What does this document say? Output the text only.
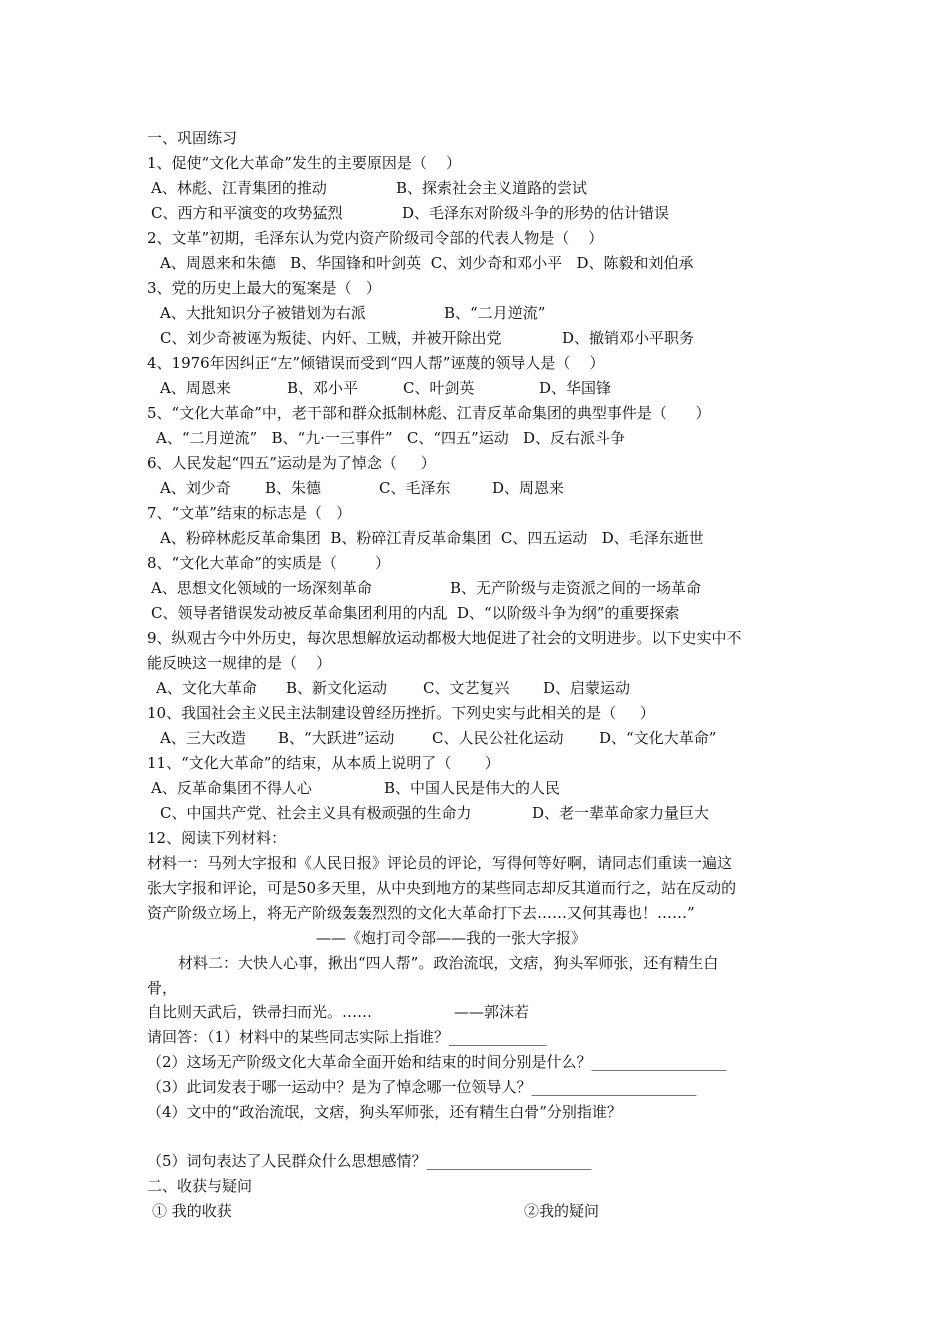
一、巩固练习

1、促使“文化大革命”发生的主要原因是（    ）

A、林彪、江青集团的推动	B、探索社会主义道路的尝试

C、西方和平演变的攻势猛烈	D、毛泽东对阶级斗争的形势的估计错误

2、文革”初期，毛泽东认为党内资产阶级司令部的代表人物是（    ）

A、周恩来和朱德   B、华国锋和叶剑英  C、刘少奇和邓小平   D、陈毅和刘伯承

3、党的历史上最大的冤案是（   ）

A、大批知识分子被错划为右派	B、“二月逆流”

C、刘少奇被诬为叛徒、内奸、工贼，并被开除出党	D、撤销邓小平职务

4、1976年因纠正“左”倾错误而受到“四人帮”诬蔑的领导人是（    ）

A、周恩来	B、邓小平	C、叶剑英	D、华国锋

5、“文化大革命”中，老干部和群众抵制林彪、江青反革命集团的典型事件是（      ）

A、“二月逆流”   B、“九·一三事件”   C、“四五”运动   D、反右派斗争

6、人民发起“四五”运动是为了悼念（     ）

A、刘少奇 B、朱德	C、毛泽东	D、周恩来

7、“文革”结束的标志是（   ）

A、粉碎林彪反革命集团  B、粉碎江青反革命集团  C、四五运动   D、毛泽东逝世

8、“文化大革命”的实质是（        ）

A、思想文化领域的一场深刻革命	B、无产阶级与走资派之间的一场革命

C、领导者错误发动被反革命集团利用的内乱  D、“以阶级斗争为纲”的重要探索

9、纵观古今中外历史，每次思想解放运动都极大地促进了社会的文明进步。以下史实中不

能反映这一规律的是（    ）

A、文化大革命 B、新文化运动 C、文艺复兴 D、启蒙运动

10、我国社会主义民主法制建设曾经历挫折。下列史实与此相关的是（     ）

A、三大改造 B、“大跃进”运动	C、人民公社化运动 D、“文化大革命”

11、“文化大革命”的结束，从本质上说明了（       ）

A、反革命集团不得人心	B、中国人民是伟大的人民

C、中国共产党、社会主义具有极顽强的生命力	D、老一辈革命家力量巨大

12、阅读下列材料：

材料一：马列大字报和《人民日报》评论员的评论，写得何等好啊，请同志们重读一遍这

张大字报和评论，可是50多天里，从中央到地方的某些同志却反其道而行之，站在反动的

资产阶级立场上，将无产阶级轰轰烈烈的文化大革命打下去……又何其毒也！……”

——《炮打司令部——我的一张大字报》

材料二：大快人心事，揪出“四人帮”。政治流氓，文痞，狗头军师张，还有精生白

骨，

自比则天武后，铁帚扫而光。……	——郭沫若

请回答：（1）材料中的某些同志实际上指谁？_____________

（2）这场无产阶级文化大革命全面开始和结束的时间分别是什么？__________________

（3）此词发表于哪一运动中？是为了悼念哪一位领导人？______________________

（4）文中的“政治流氓，文痞，狗头军师张，还有精生白骨”分别指谁？

（5）词句表达了人民群众什么思想感情？______________________

二、收获与疑问

① 我的收获	②我的疑问
